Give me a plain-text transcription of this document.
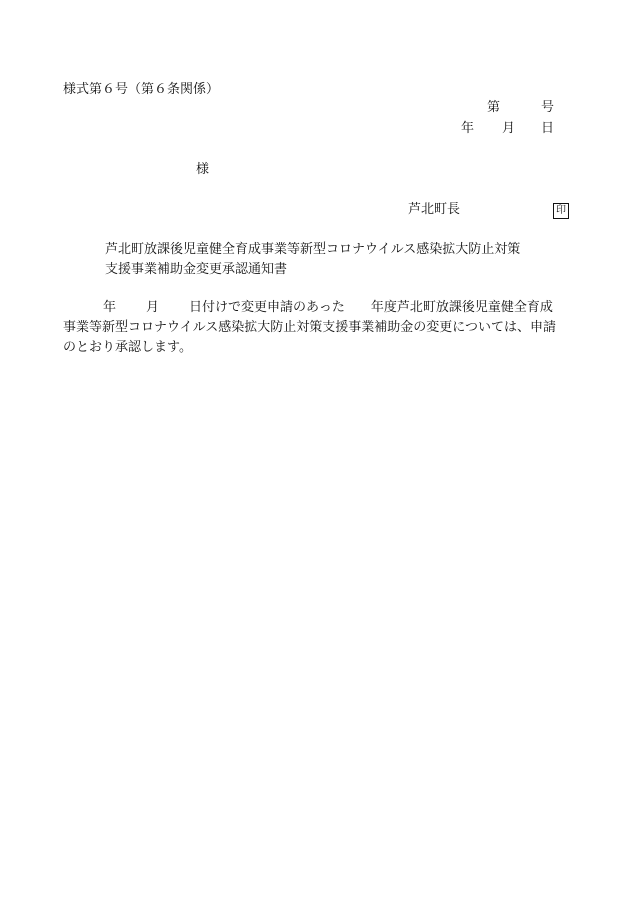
様式第６号（第６条関係）
第	号
年 月 日
様
芦北町長	印
芦北町放課後児童健全育成事業等新型コロナウイルス感染拡大防止対策
支援事業補助金変更承認通知書
年 月 日付けで変更申請のあった 年度芦北町放課後児童健全育成
事業等新型コロナウイルス感染拡大防止対策支援事業補助金の変更については、申請
のとおり承認します。
